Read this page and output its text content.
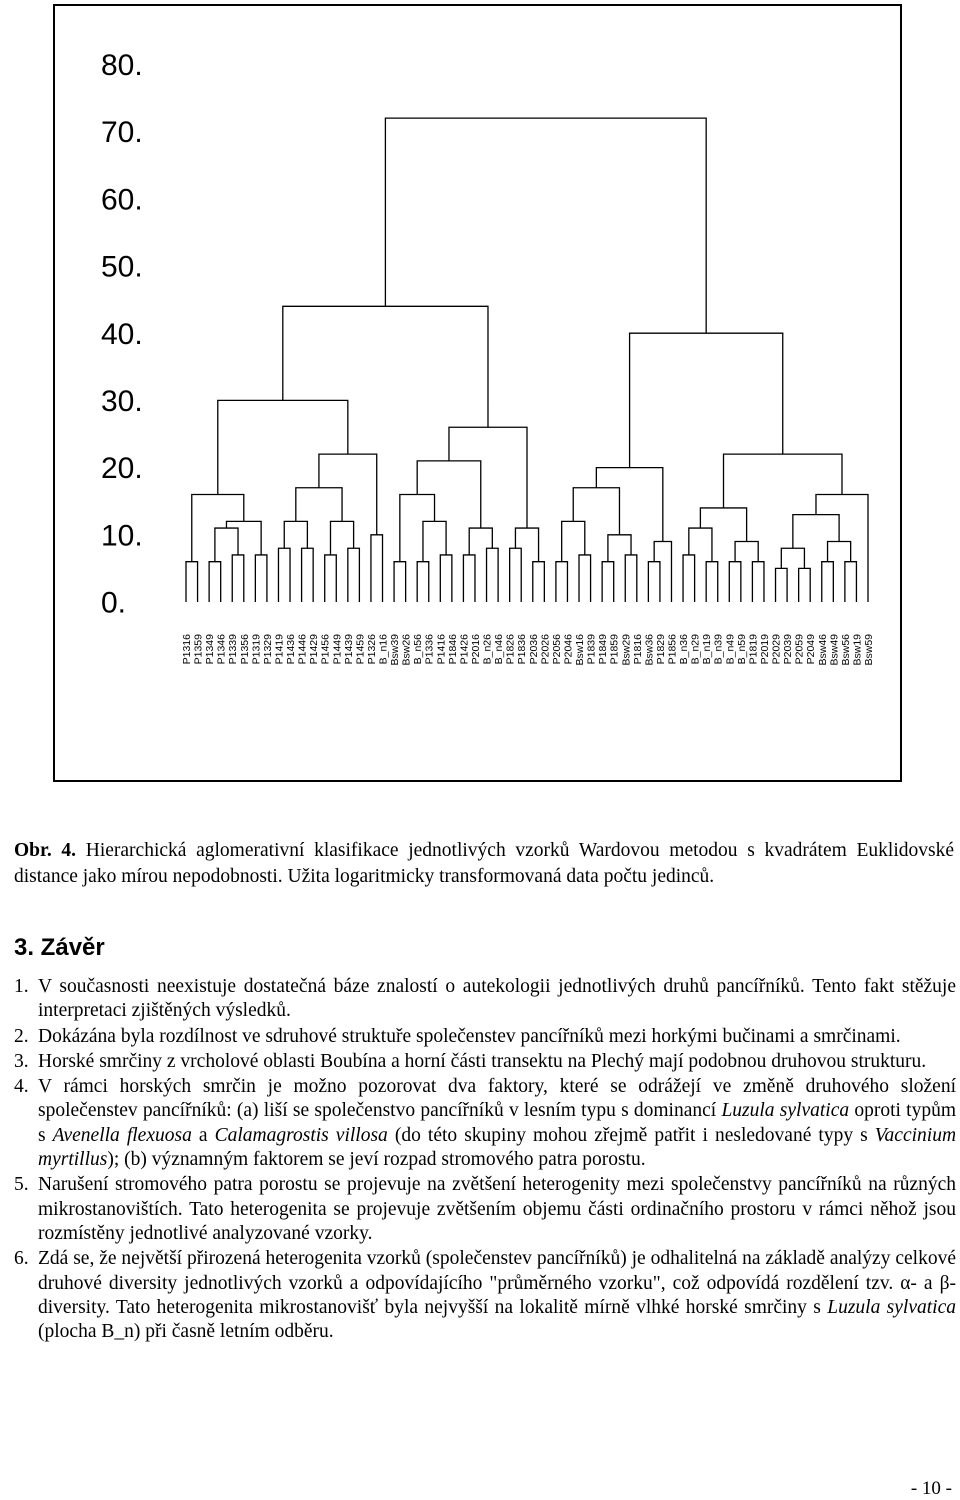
80.
70.
60.
50.
40.
30.
20.
10.
0.
P1316 P1359 P1349 P1346 P1339 P1356 P1319 P1329 P1419 P1436 P1446 P1429 P1456 P1449 P1439 P1459 P1326 B_n16 Bsw39 Bsw26 B_n56 P1336 P1416 P1846 P1426 P2016 B_n26 B_n46 P1826 P1836 P2036 P2026 P2056 P2046 Bsw16 P1839 P1849 P1859 Bsw29 P1816 Bsw36 P1829 P1856 B_n36 B_n29 B_n19 B_n39 B_n49 B_n59 P1819 P2019 P2029 P2039 P2059 P2049 Bsw46 Bsw49 Bsw56 Bsw19 Bsw59

Obr. 4. Hierarchická aglomerativní klasifikace jednotlivých vzorků Wardovou metodou s kvadrátem Euklidovské distance jako mírou nepodobnosti. Užita logaritmicky transformovaná data počtu jedinců.

3. Závěr
1. V současnosti neexistuje dostatečná báze znalostí o autekologii jednotlivých druhů pancířníků. Tento fakt stěžuje interpretaci zjištěných výsledků.
2. Dokázána byla rozdílnost ve sdruhové struktuře společenstev pancířníků mezi horkými bučinami a smrčinami.
3. Horské smrčiny z vrcholové oblasti Boubína a horní části transektu na Plechý mají podobnou druhovou strukturu.
4. V rámci horských smrčin je možno pozorovat dva faktory, které se odrážejí ve změně druhového složení společenstev pancířníků: (a) liší se společenstvo pancířníků v lesním typu s dominancí Luzula sylvatica oproti typům s Avenella flexuosa a Calamagrostis villosa (do této skupiny mohou zřejmě patřit i nesledované typy s Vaccinium myrtillus); (b) významným faktorem se jeví rozpad stromového patra porostu.
5. Narušení stromového patra porostu se projevuje na zvětšení heterogenity mezi společenstvy pancířníků na různých mikrostanovištích. Tato heterogenita se projevuje zvětšením objemu části ordinačního prostoru v rámci něhož jsou rozmístěny jednotlivé analyzované vzorky.
6. Zdá se, že největší přirozená heterogenita vzorků (společenstev pancířníků) je odhalitelná na základě analýzy celkové druhové diversity jednotlivých vzorků a odpovídajícího "průměrného vzorku", což odpovídá rozdělení tzv. α- a β-diversity. Tato heterogenita mikrostanovišť byla nejvyšší na lokalitě mírně vlhké horské smrčiny s Luzula sylvatica (plocha B_n) při časně letním odběru.
- 10 -
